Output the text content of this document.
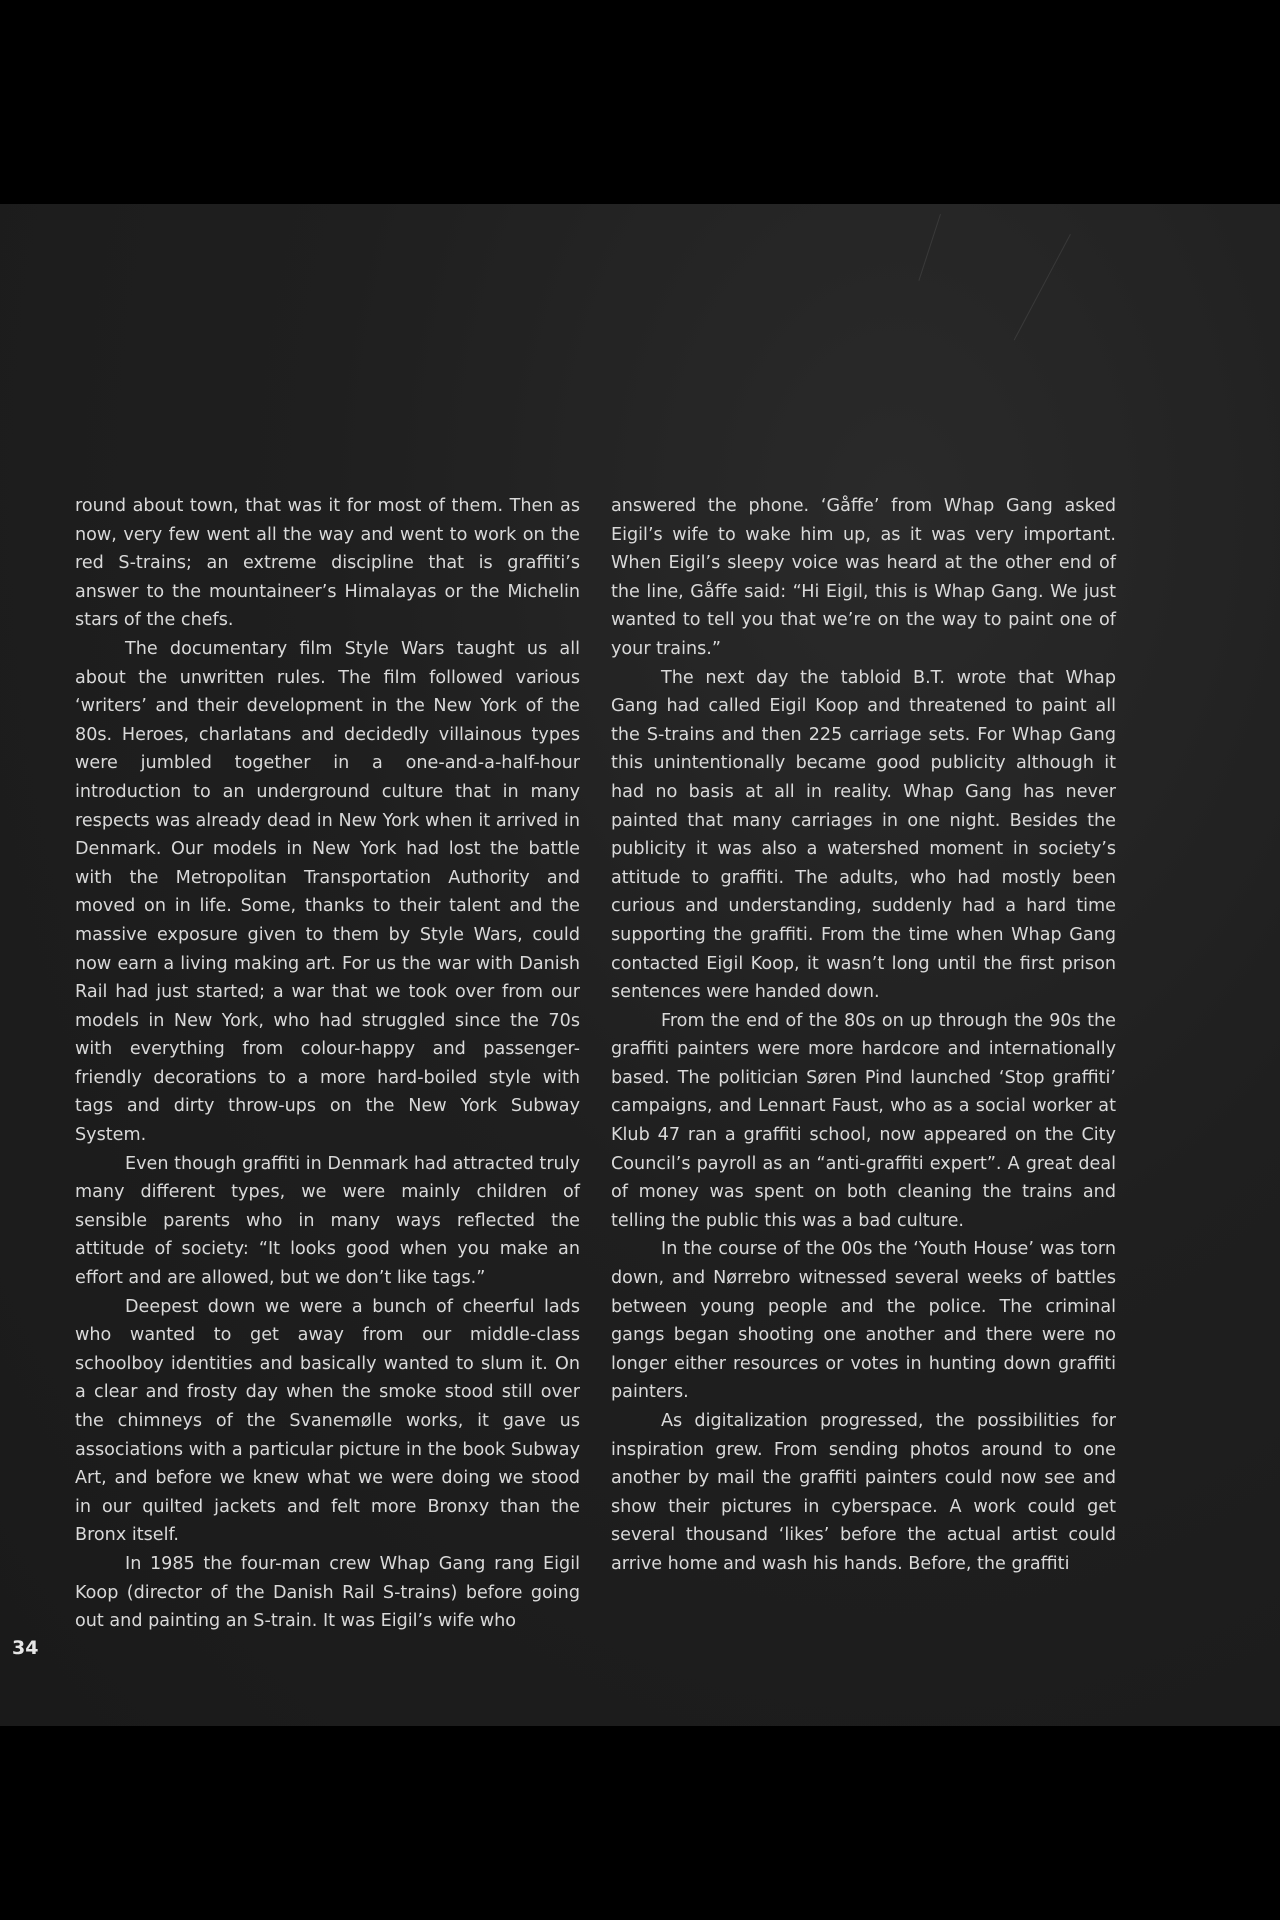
round about town, that was it for most of them. Then as now, very few went all the way and went to work on the red S-trains; an extreme discipline that is graffiti’s answer to the mountaineer’s Himalayas or the Michelin stars of the chefs.

The documentary film Style Wars taught us all about the unwritten rules. The film followed various ‘writers’ and their development in the New York of the 80s. Heroes, charlatans and decidedly villainous types were jumbled together in a one-and-a-half-hour introduction to an underground culture that in many respects was already dead in New York when it arrived in Denmark. Our models in New York had lost the battle with the Metropolitan Transportation Authority and moved on in life. Some, thanks to their talent and the massive exposure given to them by Style Wars, could now earn a living making art. For us the war with Danish Rail had just started; a war that we took over from our models in New York, who had struggled since the 70s with everything from colour-happy and passenger-friendly decorations to a more hard-boiled style with tags and dirty throw-ups on the New York Subway System.

Even though graffiti in Denmark had attracted truly many different types, we were mainly children of sensible parents who in many ways reflected the attitude of society: “It looks good when you make an effort and are allowed, but we don’t like tags.”

Deepest down we were a bunch of cheerful lads who wanted to get away from our middle-class schoolboy identities and basically wanted to slum it. On a clear and frosty day when the smoke stood still over the chimneys of the Svanemølle works, it gave us associations with a particular picture in the book Subway Art, and before we knew what we were doing we stood in our quilted jackets and felt more Bronxy than the Bronx itself.

In 1985 the four-man crew Whap Gang rang Eigil Koop (director of the Danish Rail S-trains) before going out and painting an S-train. It was Eigil’s wife who

answered the phone. ‘Gåffe’ from Whap Gang asked Eigil’s wife to wake him up, as it was very important. When Eigil’s sleepy voice was heard at the other end of the line, Gåffe said: “Hi Eigil, this is Whap Gang. We just wanted to tell you that we’re on the way to paint one of your trains.”

The next day the tabloid B.T. wrote that Whap Gang had called Eigil Koop and threatened to paint all the S-trains and then 225 carriage sets. For Whap Gang this unintentionally became good publicity although it had no basis at all in reality. Whap Gang has never painted that many carriages in one night. Besides the publicity it was also a watershed moment in society’s attitude to graffiti. The adults, who had mostly been curious and understanding, suddenly had a hard time supporting the graffiti. From the time when Whap Gang contacted Eigil Koop, it wasn’t long until the first prison sentences were handed down.

From the end of the 80s on up through the 90s the graffiti painters were more hardcore and internationally based. The politician Søren Pind launched ‘Stop graffiti’ campaigns, and Lennart Faust, who as a social worker at Klub 47 ran a graffiti school, now appeared on the City Council’s payroll as an “anti-graffiti expert”. A great deal of money was spent on both cleaning the trains and telling the public this was a bad culture.

In the course of the 00s the ‘Youth House’ was torn down, and Nørrebro witnessed several weeks of battles between young people and the police. The criminal gangs began shooting one another and there were no longer either resources or votes in hunting down graffiti painters.

As digitalization progressed, the possibilities for inspiration grew. From sending photos around to one another by mail the graffiti painters could now see and show their pictures in cyberspace. A work could get several thousand ‘likes’ before the actual artist could arrive home and wash his hands. Before, the graffiti

34
